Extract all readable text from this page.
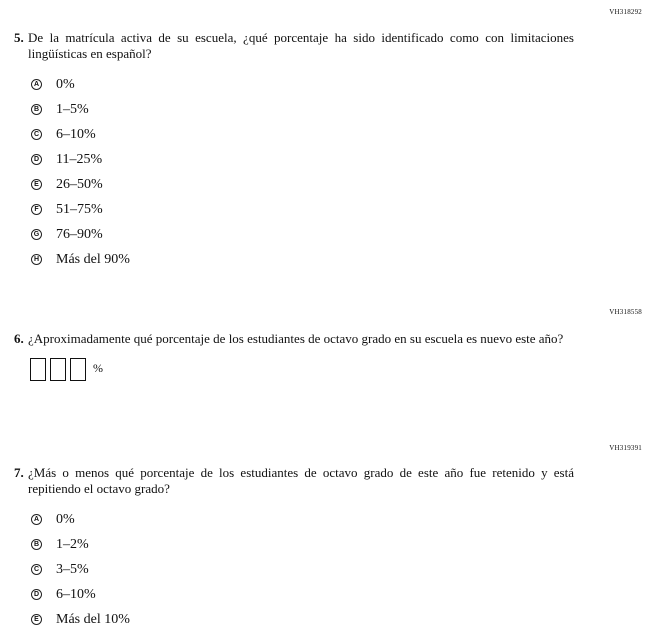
VH318292
5. De la matrícula activa de su escuela, ¿qué porcentaje ha sido identificado como con limitaciones lingüísticas en español?
A 0%
B 1–5%
C 6–10%
D 11–25%
E 26–50%
F 51–75%
G 76–90%
H Más del 90%
VH318558
6. ¿Aproximadamente qué porcentaje de los estudiantes de octavo grado en su escuela es nuevo este año?
%
VH319391
7. ¿Más o menos qué porcentaje de los estudiantes de octavo grado de este año fue retenido y está repitiendo el octavo grado?
A 0%
B 1–2%
C 3–5%
D 6–10%
E Más del 10%
